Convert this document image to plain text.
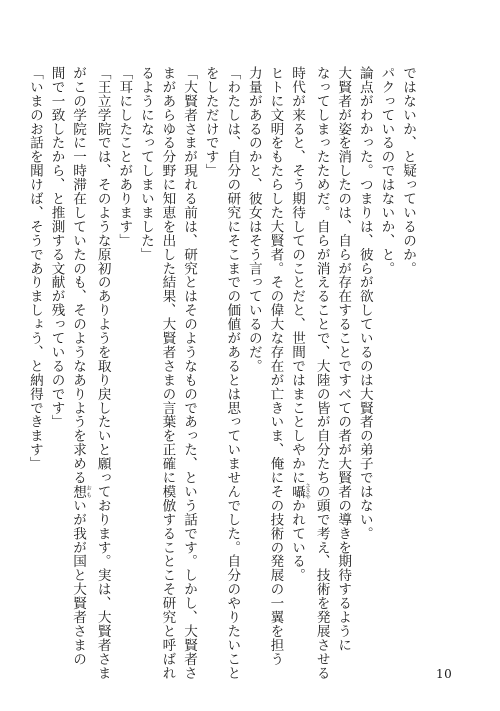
ではないか、と疑っているのか。
パクっているのではないか、と。
論点がわかった。つまりは、彼らが欲しているのは大賢者の弟子ではない。
大賢者が姿を消したのは、自らが存在することですべての者が大賢者の導きを期待するように
なってしまったためだ。自らが消えることで、大陸の皆が自分たちの頭で考え、技術を発展させる
時代が来ると、そう期待してのことだと、世間ではまことしやかに囁 ささやかれている。
ヒトに文明をもたらした大賢者。その偉大な存在が亡きいま、俺にその技術の発展の一翼を担う
力量があるのかと、彼女はそう言っているのだ。
「わたしは、自分の研究にそこまでの価値があるとは思っていませんでした。自分のやりたいこと
をしただけです」
「大賢者さまが現れる前は、研究とはそのようなものであった、という話です。しかし、大賢者さ
まがあらゆる分野に知恵を出した結果、大賢者さまの言葉を正確に模倣することこそ研究と呼ばれ
るようになってしまいました」
「耳にしたことがあります」
「王立学院では、そのような原初のありようを取り戻したいと願っております。実は、大賢者さま
がこの学院に一時滞在していたのも、そのようなありようを求める想 おもいが我が国と大賢者さまの
間で一致したから、と推測する文献が残っているのです」
「いまのお話を聞けば、そうでありましょう、と納得できます」
10
